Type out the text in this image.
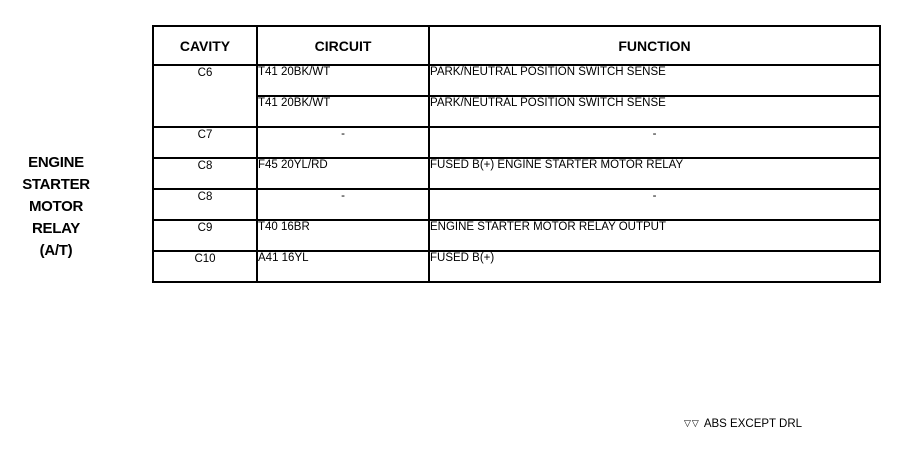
ENGINE
STARTER
MOTOR
RELAY
(A/T)
CAVITY	CIRCUIT	FUNCTION
C6	T41 20BK/WT	PARK/NEUTRAL POSITION SWITCH SENSE
	T41 20BK/WT	PARK/NEUTRAL POSITION SWITCH SENSE
C7	-	-
C8	F45 20YL/RD	FUSED B(+) ENGINE STARTER MOTOR RELAY
C8	-	-
C9	T40 16BR	ENGINE STARTER MOTOR RELAY OUTPUT
C10	A41 16YL	FUSED B(+)
▽▽ ABS EXCEPT DRL
